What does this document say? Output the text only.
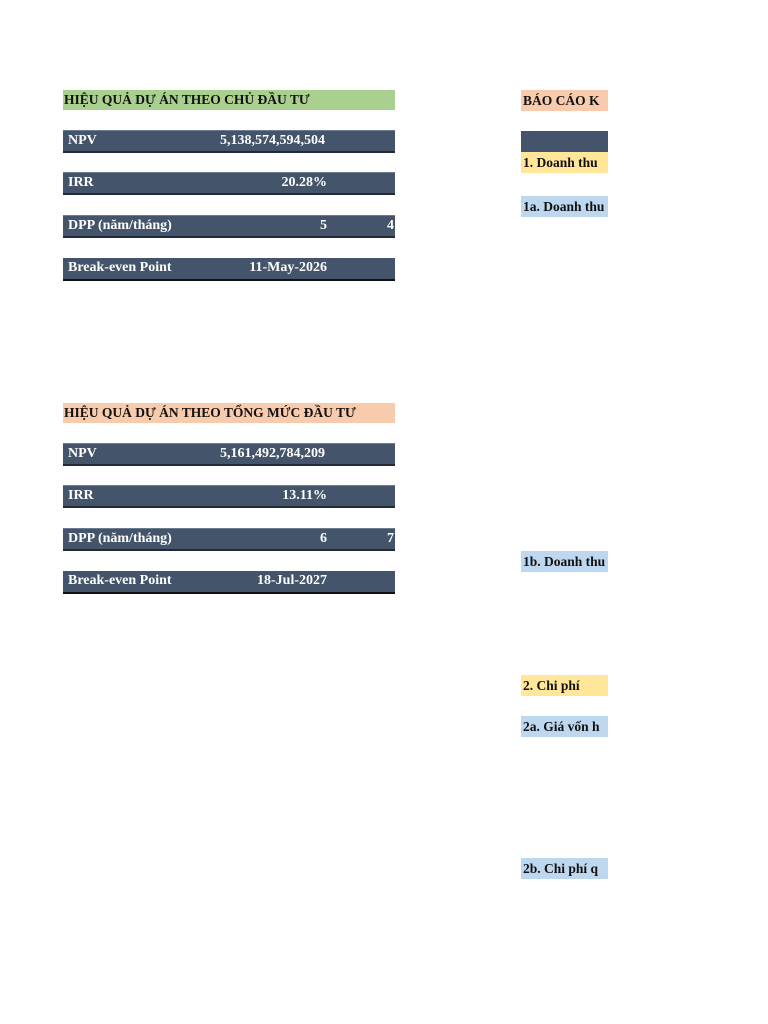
HIỆU QUẢ DỰ ÁN THEO CHỦ ĐẦU TƯ
NPV	5,138,574,594,504
IRR	20.28%
DPP (năm/tháng)	5	4
Break-even Point	11-May-2026
HIỆU QUẢ DỰ ÁN THEO TỔNG MỨC ĐẦU TƯ
NPV	5,161,492,784,209
IRR	13.11%
DPP (năm/tháng)	6	7
Break-even Point	18-Jul-2027
BÁO CÁO K
1. Doanh thu
1a. Doanh thu
1b. Doanh thu
2. Chi phí
2a. Giá vốn h
2b. Chi phí q
